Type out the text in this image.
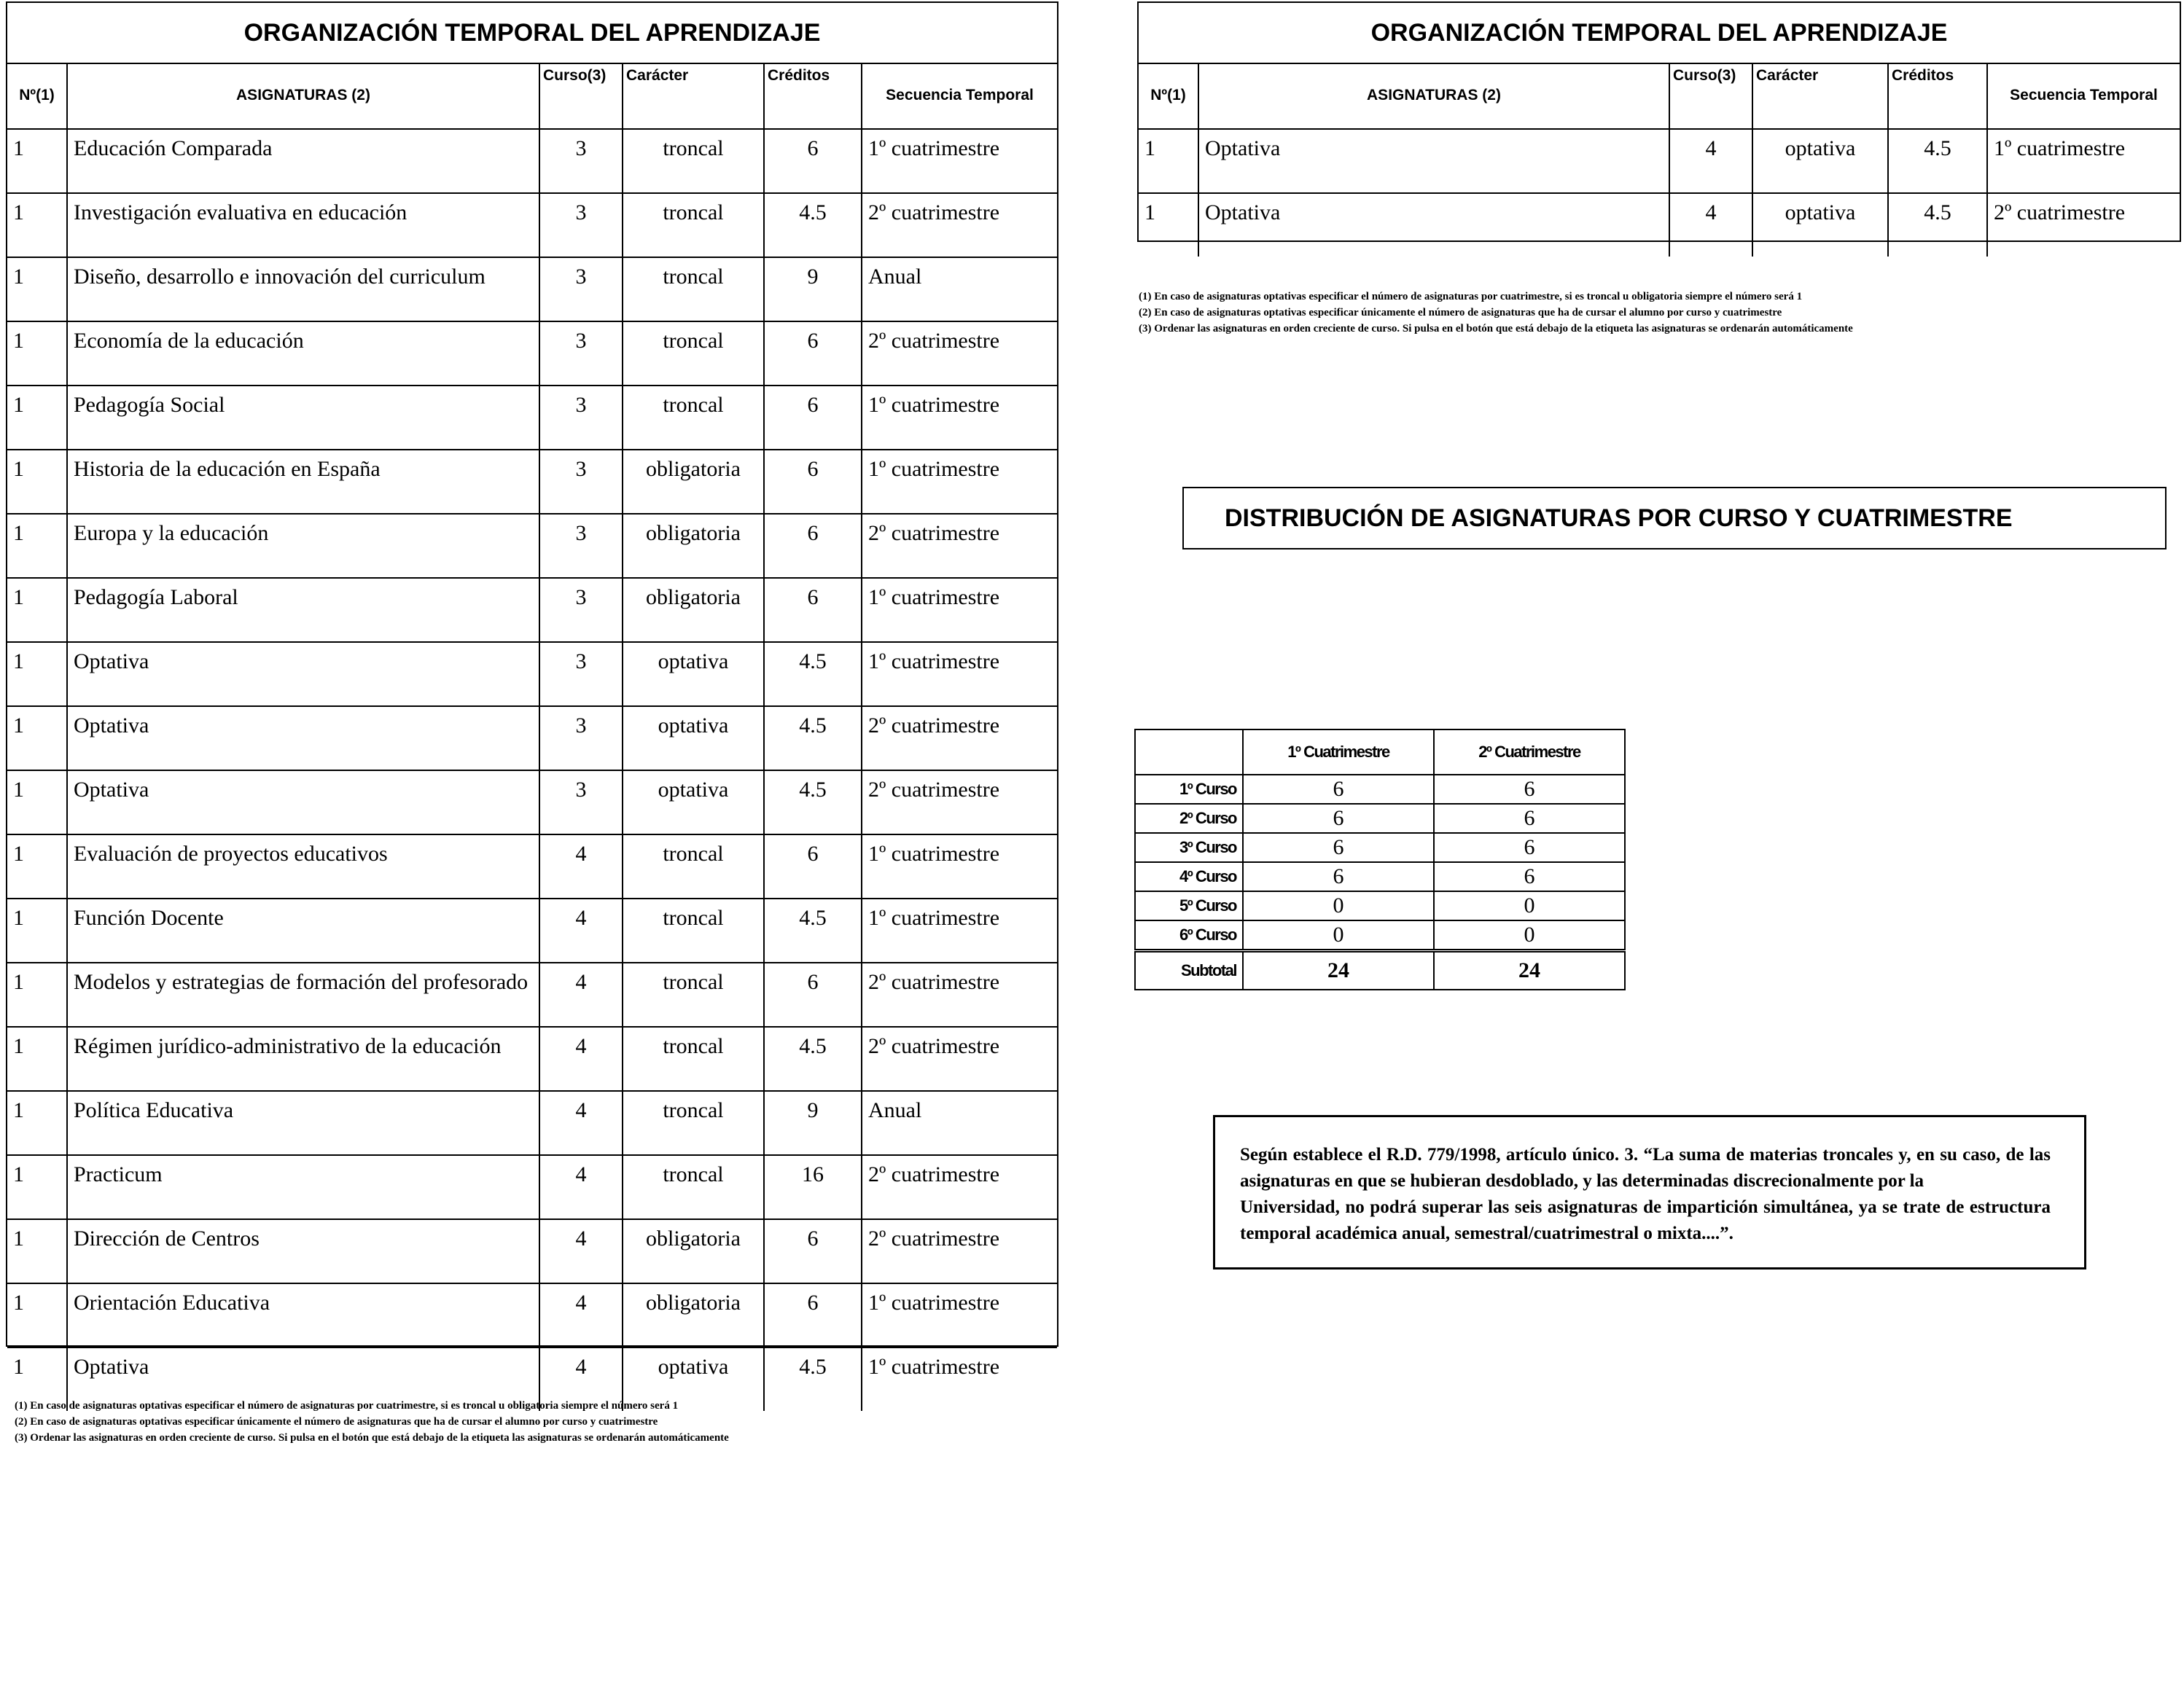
ORGANIZACIÓN TEMPORAL DEL APRENDIZAJE
Nº(1)	ASIGNATURAS (2)	Curso(3)	Carácter	Créditos	Secuencia Temporal
1	Educación Comparada	3	troncal	6	1º cuatrimestre
1	Investigación evaluativa en educación	3	troncal	4.5	2º cuatrimestre
1	Diseño, desarrollo e innovación del curriculum	3	troncal	9	Anual
1	Economía de la educación	3	troncal	6	2º cuatrimestre
1	Pedagogía Social	3	troncal	6	1º cuatrimestre
1	Historia de la educación en España	3	obligatoria	6	1º cuatrimestre
1	Europa y la educación	3	obligatoria	6	2º cuatrimestre
1	Pedagogía Laboral	3	obligatoria	6	1º cuatrimestre
1	Optativa	3	optativa	4.5	1º cuatrimestre
1	Optativa	3	optativa	4.5	2º cuatrimestre
1	Optativa	3	optativa	4.5	2º cuatrimestre
1	Evaluación de proyectos educativos	4	troncal	6	1º cuatrimestre
1	Función Docente	4	troncal	4.5	1º cuatrimestre
1	Modelos y estrategias de formación del profesorado	4	troncal	6	2º cuatrimestre
1	Régimen jurídico-administrativo de la educación	4	troncal	4.5	2º cuatrimestre
1	Política Educativa	4	troncal	9	Anual
1	Practicum	4	troncal	16	2º cuatrimestre
1	Dirección de Centros	4	obligatoria	6	2º cuatrimestre
1	Orientación Educativa	4	obligatoria	6	1º cuatrimestre
1	Optativa	4	optativa	4.5	1º cuatrimestre
(1) En caso de asignaturas optativas especificar el número de asignaturas por cuatrimestre, si es troncal u obligatoria siempre el número será 1
(2) En caso de asignaturas optativas especificar únicamente el número de asignaturas que ha de cursar el alumno por curso y cuatrimestre
(3) Ordenar las asignaturas en orden creciente de curso. Si pulsa en el botón que está debajo de la etiqueta las asignaturas se ordenarán automáticamente
ORGANIZACIÓN TEMPORAL DEL APRENDIZAJE
Nº(1)	ASIGNATURAS (2)	Curso(3)	Carácter	Créditos	Secuencia Temporal
1	Optativa	4	optativa	4.5	1º cuatrimestre
1	Optativa	4	optativa	4.5	2º cuatrimestre
(1) En caso de asignaturas optativas especificar el número de asignaturas por cuatrimestre, si es troncal u obligatoria siempre el número será 1
(2) En caso de asignaturas optativas especificar únicamente el número de asignaturas que ha de cursar el alumno por curso y cuatrimestre
(3) Ordenar las asignaturas en orden creciente de curso. Si pulsa en el botón que está debajo de la etiqueta las asignaturas se ordenarán automáticamente
DISTRIBUCIÓN DE ASIGNATURAS POR CURSO Y CUATRIMESTRE
	1º Cuatrimestre	2º Cuatrimestre
1º Curso	6	6
2º Curso	6	6
3º Curso	6	6
4º Curso	6	6
5º Curso	0	0
6º Curso	0	0
Subtotal	24	24
Según establece el R.D. 779/1998, artículo único. 3. “La suma de materias troncales y, en su caso, de las asignaturas en que se hubieran desdoblado, y las determinadas discrecionalmente por la
Universidad, no podrá superar las seis asignaturas de impartición simultánea, ya se trate de estructura temporal académica anual, semestral/cuatrimestral o mixta....”.
